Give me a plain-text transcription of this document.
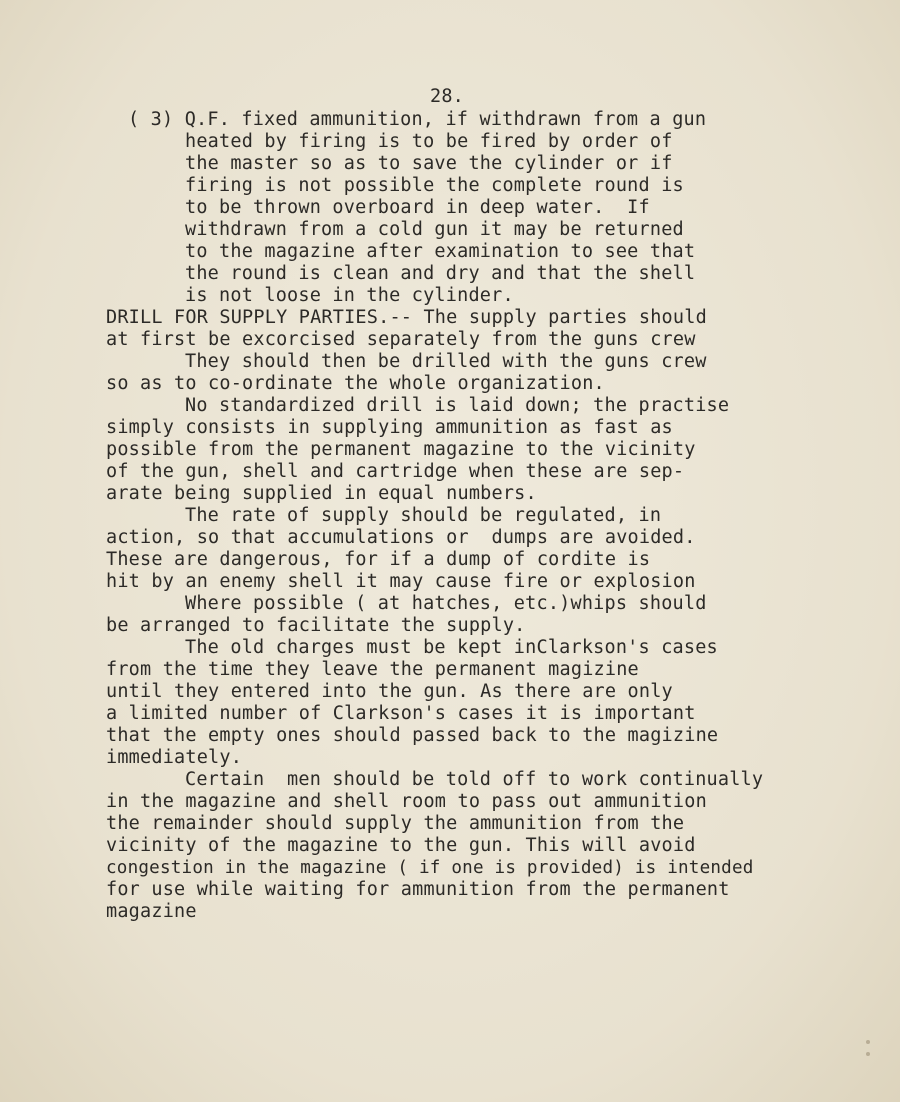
28.
( 3) Q.F. fixed ammunition, if withdrawn from a gun
heated by firing is to be fired by order of
the master so as to save the cylinder or if
firing is not possible the complete round is
to be thrown overboard in deep water.  If
withdrawn from a cold gun it may be returned
to the magazine after examination to see that
the round is clean and dry and that the shell
is not loose in the cylinder.
DRILL FOR SUPPLY PARTIES.-- The supply parties should
at first be excorcised separately from the guns crew
They should then be drilled with the guns crew
so as to co-ordinate the whole organization.
No standardized drill is laid down; the practise
simply consists in supplying ammunition as fast as
possible from the permanent magazine to the vicinity
of the gun, shell and cartridge when these are sep-
arate being supplied in equal numbers.
The rate of supply should be regulated, in
action, so that accumulations or  dumps are avoided.
These are dangerous, for if a dump of cordite is
hit by an enemy shell it may cause fire or explosion
Where possible ( at hatches, etc.)whips should
be arranged to facilitate the supply.
The old charges must be kept inClarkson's cases
from the time they leave the permanent magizine
until they entered into the gun. As there are only
a limited number of Clarkson's cases it is important
that the empty ones should passed back to the magizine
immediately.
Certain  men should be told off to work continually
in the magazine and shell room to pass out ammunition
the remainder should supply the ammunition from the
vicinity of the magazine to the gun. This will avoid
congestion in the magazine ( if one is provided) is intended
for use while waiting for ammunition from the permanent
magazine
